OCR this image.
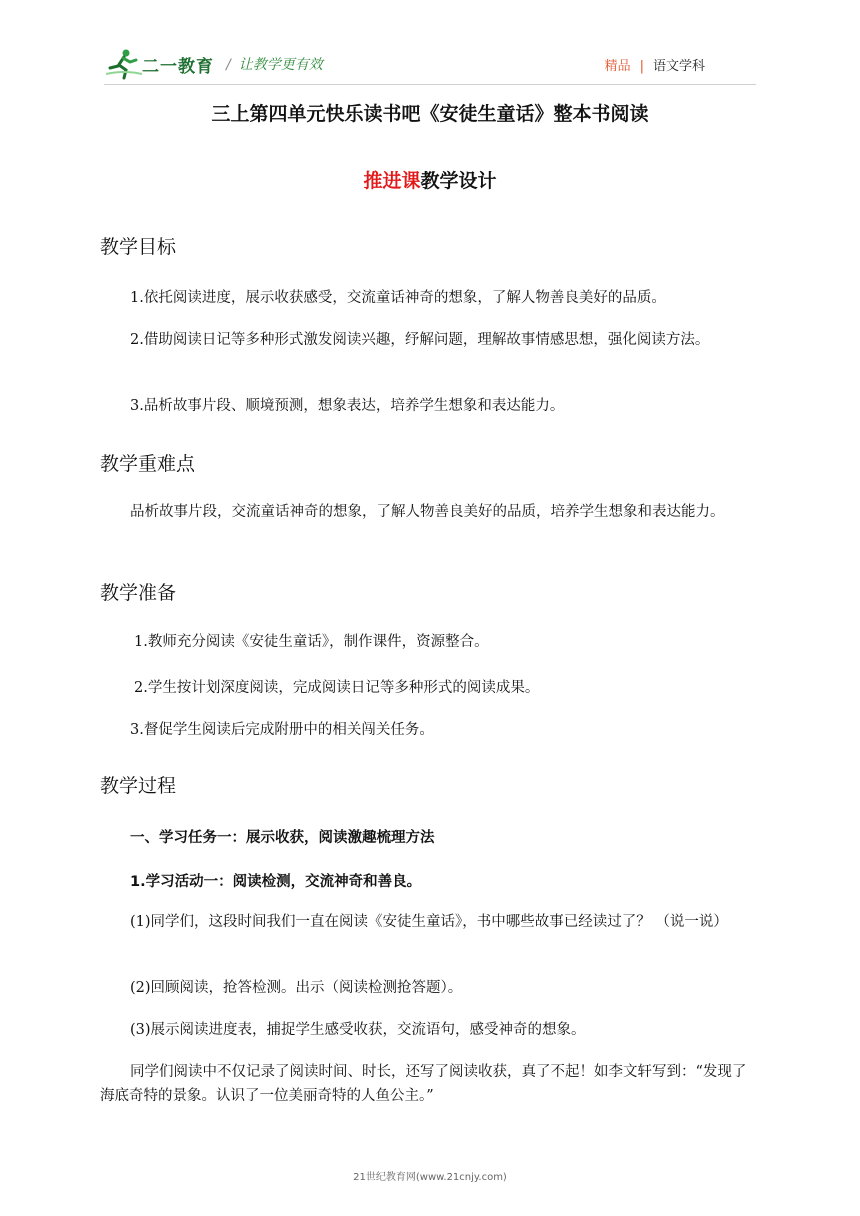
二一教育 / 让教学更有效	精品 | 语文学科
三上第四单元快乐读书吧《安徒生童话》整本书阅读
推进课教学设计
教学目标
1.依托阅读进度，展示收获感受，交流童话神奇的想象，了解人物善良美好的品质。
2.借助阅读日记等多种形式激发阅读兴趣，纾解问题，理解故事情感思想，强化阅读方法。
3.品析故事片段、顺境预测，想象表达，培养学生想象和表达能力。
教学重难点
品析故事片段，交流童话神奇的想象，了解人物善良美好的品质，培养学生想象和表达能力。
教学准备
1.教师充分阅读《安徒生童话》，制作课件，资源整合。
2.学生按计划深度阅读，完成阅读日记等多种形式的阅读成果。
3.督促学生阅读后完成附册中的相关闯关任务。
教学过程
一、学习任务一：展示收获，阅读激趣梳理方法
1.学习活动一：阅读检测，交流神奇和善良。
(1)同学们，这段时间我们一直在阅读《安徒生童话》，书中哪些故事已经读过了？ （说一说）
(2)回顾阅读，抢答检测。出示（阅读检测抢答题）。
(3)展示阅读进度表，捕捉学生感受收获，交流语句，感受神奇的想象。
同学们阅读中不仅记录了阅读时间、时长，还写了阅读收获，真了不起！如李文轩写到：“发现了海底奇特的景象。认识了一位美丽奇特的人鱼公主。”
21世纪教育网(www.21cnjy.com)
